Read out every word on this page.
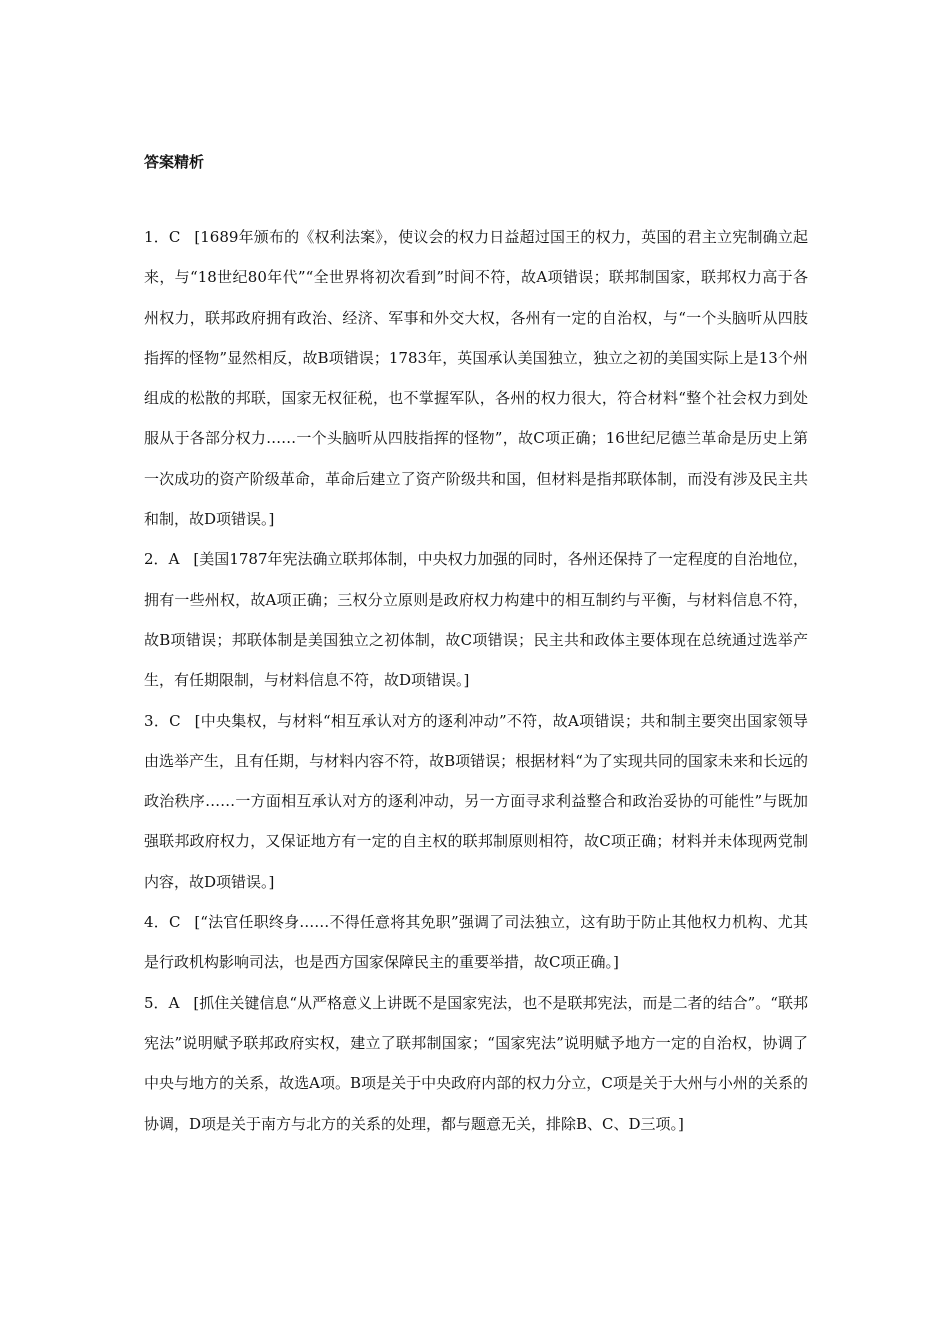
答案精析

1．C [1689年颁布的《权利法案》，使议会的权力日益超过国王的权力，英国的君主立宪制确立起来，与“18世纪80年代”“全世界将初次看到”时间不符，故A项错误；联邦制国家，联邦权力高于各州权力，联邦政府拥有政治、经济、军事和外交大权，各州有一定的自治权，与“一个头脑听从四肢指挥的怪物”显然相反，故B项错误；1783年，英国承认美国独立，独立之初的美国实际上是13个州组成的松散的邦联，国家无权征税，也不掌握军队，各州的权力很大，符合材料“整个社会权力到处服从于各部分权力……一个头脑听从四肢指挥的怪物”，故C项正确；16世纪尼德兰革命是历史上第一次成功的资产阶级革命，革命后建立了资产阶级共和国，但材料是指邦联体制，而没有涉及民主共和制，故D项错误。]

2．A [美国1787年宪法确立联邦体制，中央权力加强的同时，各州还保持了一定程度的自治地位，拥有一些州权，故A项正确；三权分立原则是政府权力构建中的相互制约与平衡，与材料信息不符，故B项错误；邦联体制是美国独立之初体制，故C项错误；民主共和政体主要体现在总统通过选举产生，有任期限制，与材料信息不符，故D项错误。]

3．C [中央集权，与材料“相互承认对方的逐利冲动”不符，故A项错误；共和制主要突出国家领导由选举产生，且有任期，与材料内容不符，故B项错误；根据材料“为了实现共同的国家未来和长远的政治秩序……一方面相互承认对方的逐利冲动，另一方面寻求利益整合和政治妥协的可能性”与既加强联邦政府权力，又保证地方有一定的自主权的联邦制原则相符，故C项正确；材料并未体现两党制内容，故D项错误。]

4．C [“法官任职终身……不得任意将其免职”强调了司法独立，这有助于防止其他权力机构、尤其是行政机构影响司法，也是西方国家保障民主的重要举措，故C项正确。]

5．A [抓住关键信息“从严格意义上讲既不是国家宪法，也不是联邦宪法，而是二者的结合”。“联邦宪法”说明赋予联邦政府实权，建立了联邦制国家；“国家宪法”说明赋予地方一定的自治权，协调了中央与地方的关系，故选A项。B项是关于中央政府内部的权力分立，C项是关于大州与小州的关系的协调，D项是关于南方与北方的关系的处理，都与题意无关，排除B、C、D三项。]
